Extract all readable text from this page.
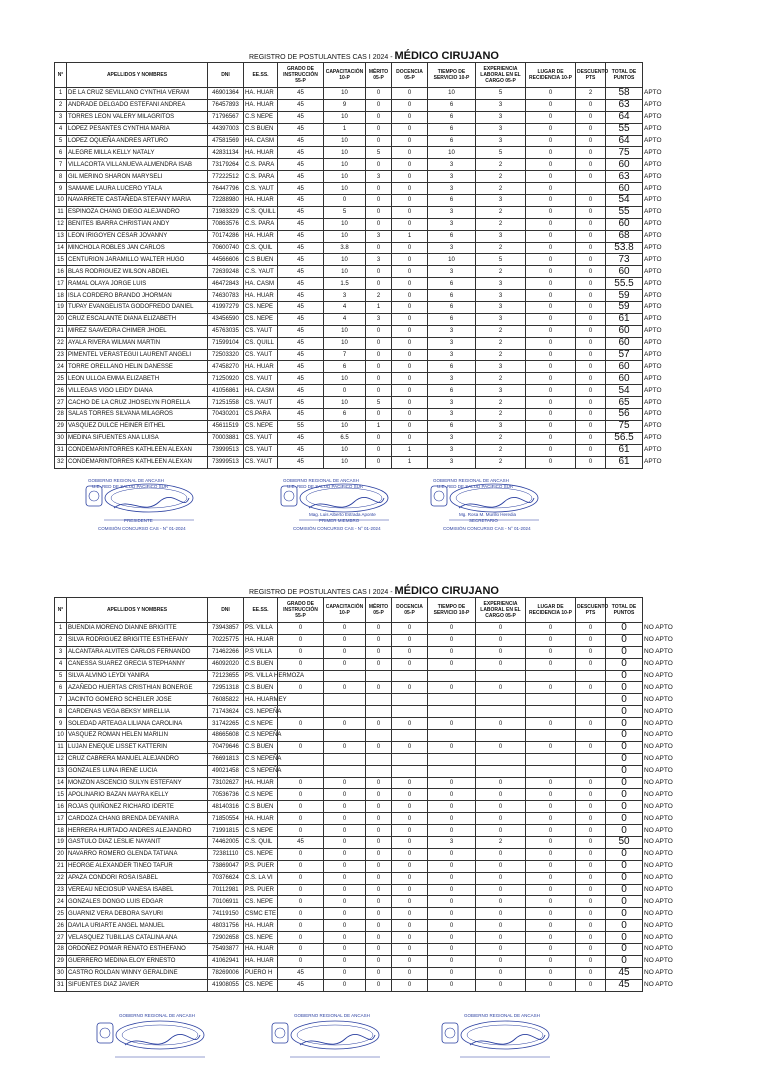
REGISTRO DE POSTULANTES CAS I 2024 - MÉDICO CIRUJANO
N°	APELLIDOS Y NOMBRES	DNI	EE.SS.	GRADO DE INSTRUCCIÓN 55-P	CAPACITACIÓN 10-P	MÉRITO 05-P	DOCENCIA 05-P	TIEMPO DE SERVICIO 10-P	EXPERIENCIA LABORAL EN EL CARGO 05-P	LUGAR DE RECIDENCIA 10-P	DESCUENTO PTS	TOTAL DE PUNTOS	
1	DE LA CRUZ SEVILLANO CYNTHIA VERAM	46901364	HA. HUAR	45	10	0	0	10	5	0	2	58	APTO
2	ANDRADE DELGADO ESTEFANI ANDREA	76457893	HA. HUAR	45	9	0	0	6	3	0	0	63	APTO
3	TORRES LEON VALERY MILAGRITOS	71796567	C.S NEPE	45	10	0	0	6	3	0	0	64	APTO
4	LOPEZ PESANTES CYNTHIA MARIA	44397003	C.S BUEN	45	1	0	0	6	3	0	0	55	APTO
5	LOPEZ OQUEÑA ANDRES ARTURO	47581569	HA. CASM	45	10	0	0	6	3	0	0	64	APTO
6	ALEGRE MILLA KELLY NATALY	42831134	HA. HUAR	45	10	5	0	10	5	0	0	75	APTO
7	VILLACORTA VILLANUEVA ALMENDRA ISAB	73179264	C.S. PARA	45	10	0	0	3	2	0	0	60	APTO
8	GIL MERINO SHARON MARYSELI	77222512	C.S. PARA	45	10	3	0	3	2	0	0	63	APTO
9	SAMAME LAURA LUCERO YTALA	76447796	C.S. YAUT	45	10	0	0	3	2	0		60	APTO
10	NAVARRETE CASTAÑEDA STEFANY MARIA	72288980	HA. HUAR	45	0	0	0	6	3	0	0	54	APTO
11	ESPINOZA CHANG DIEGO ALEJANDRO	71983329	C.S. QUILL	45	5	0	0	3	2	0	0	55	APTO
12	BENITES IBARRA CHRISTIAN ANDY	70863576	C.S. PARA	45	10	0	0	3	2	0	0	60	APTO
13	LEON IRIGOYEN CESAR JOVANNY	70174286	HA. HUAR	45	10	3	1	6	3	0	0	68	APTO
14	MINCHOLA ROBLES JAN CARLOS	70600740	C.S. QUIL	45	3.8	0	0	3	2	0	0	53.8	APTO
15	CENTURION JARAMILLO WALTER HUGO	44566606	C.S BUEN	45	10	3	0	10	5	0	0	73	APTO
16	BLAS RODRIGUEZ WILSON ABDIEL	72639248	C.S. YAUT	45	10	0	0	3	2	0	0	60	APTO
17	RAMAL OLAYA JORGE LUIS	46472843	HA. CASM	45	1.5	0	0	6	3	0	0	55.5	APTO
18	ISLA CORDERO BRANDO JHORMAN	74630783	HA. HUAR	45	3	2	0	6	3	0	0	59	APTO
19	TUPAY EVANGELISTA GODOFREDO DANIEL	41997279	CS. NEPE	45	4	1	0	6	3	0	0	59	APTO
20	CRUZ ESCALANTE DIANA ELIZABETH	43456590	CS. NEPE	45	4	3	0	6	3	0	0	61	APTO
21	MIREZ SAAVEDRA CHIMER JHOEL	45763035	CS. YAUT	45	10	0	0	3	2	0	0	60	APTO
22	AYALA RIVERA WILMAN MARTIN	71599104	CS. QUILL	45	10	0	0	3	2	0	0	60	APTO
23	PIMENTEL VERASTEGUI LAURENT ANGELI	72503320	CS. YAUT	45	7	0	0	3	2	0	0	57	APTO
24	TORRE ORELLANO HELIN DANESSE	47458270	HA. HUAR	45	6	0	0	6	3	0	0	60	APTO
25	LEON ULLOA EMMA ELIZABETH	71250920	CS. YAUT	45	10	0	0	3	2	0	0	60	APTO
26	VILLEGAS VIGO LEIDY DIANA	41056861	HA. CASM	45	0	0	0	6	3	0	0	54	APTO
27	CACHO DE LA CRUZ JHOSELYN FIORELLA	71251558	CS. YAUT	45	10	5	0	3	2	0	0	65	APTO
28	SALAS TORRES SILVANA MILAGROS	70430201	CS.PARA	45	6	0	0	3	2	0	0	56	APTO
29	VASQUEZ DULCE HEINER EITHEL	45611519	CS. NEPE	55	10	1	0	6	3	0	0	75	APTO
30	MEDINA SIFUENTES ANA LUISA	70003881	CS. YAUT	45	6.5	0	0	3	2	0	0	56.5	APTO
31	CONDEMARINTORRES KATHLEEN ALEXAN	73999513	CS. YAUT	45	10	0	1	3	2	0	0	61	APTO
32	CONDEMARINTORRES KATHLEEN ALEXAN	73999513	CS. YAUT	45	10	0	1	3	2	0	0	61	APTO
GOBIERNO REGIONAL DE ANCASH
U.E. RED DE SALUD PACÍFICO SUR
PRESIDENTE
COMISIÓN CONCURSO CAS - N° 01-2024
GOBIERNO REGIONAL DE ANCASH
U.E. RED DE SALUD PACÍFICO SUR
Mag. Luis Alberto Estrada Aponte
PRIMER MIEMBRO
COMISIÓN CONCURSO CAS - N° 01-2024
GOBIERNO REGIONAL DE ANCASH
U.E. RED DE SALUD PACÍFICO SUR
Mg. Rosa M. Murillo Heredia
SECRETARIO
COMISIÓN CONCURSO CAS - N° 01-2024
REGISTRO DE POSTULANTES CAS I 2024 - MÉDICO CIRUJANO
N°	APELLIDOS Y NOMBRES	DNI	EE.SS.	GRADO DE INSTRUCCIÓN 55-P	CAPACITACIÓN 10-P	MÉRITO 05-P	DOCENCIA 05-P	TIEMPO DE SERVICIO 10-P	EXPERIENCIA LABORAL EN EL CARGO 05-P	LUGAR DE RECIDENCIA 10-P	DESCUENTO PTS	TOTAL DE PUNTOS	
1	BUENDIA MORENO DIANNE BRIGITTE	73943857	PS. VILLA	0	0	0	0	0	0	0	0	0	NO APTO
2	SILVA RODRIGUEZ BRIGITTE ESTHEFANY	70225775	HA. HUAR	0	0	0	0	0	0	0	0	0	NO APTO
3	ALCANTARA ALVITES CARLOS FERNANDO	71462266	P.S VILLA	0	0	0	0	0	0	0	0	0	NO APTO
4	CANESSA SUAREZ GRECIA STEPHANNY	46092020	C.S BUEN	0	0	0	0	0	0	0	0	0	NO APTO
5	SILVA ALVINO LEYDI YANIRA	72123655	PS. VILLA HERMOZA									0	NO APTO
6	AZAÑEDO HUERTAS CRISTHIAN BONERGE	72951318	C.S BUEN	0	0	0	0	0	0	0	0	0	NO APTO
7	JACINTO GOMERO SCHEILER JOSE	76085822	HA. HUARMEY									0	NO APTO
8	CARDENAS VEGA BEKSY MIRELLIA	71743624	CS. NEPEÑA									0	NO APTO
9	SOLEDAD ARTEAGA LILIANA CAROLINA	31742265	C.S NEPE	0	0	0	0	0	0	0	0	0	NO APTO
10	VASQUEZ ROMAN HELEN MARILIN	48665608	C.S NEPEÑA									0	NO APTO
11	LUJAN ENEQUE LISSET KATTERIN	70479646	C.S BUEN	0	0	0	0	0	0	0	0	0	NO APTO
12	CRUZ CABRERA MANUEL ALEJANDRO	76691813	C.S NEPEÑA									0	NO APTO
13	GONZALES LUNA IRENE LUCIA	49021458	C.S NEPEÑA									0	NO APTO
14	MONZON ASCENCIO SULYN ESTEFANY	73102627	HA. HUAR	0	0	0	0	0	0	0	0	0	NO APTO
15	APOLINARIO BAZAN MAYRA KELLY	70536736	C.S NEPE	0	0	0	0	0	0	0	0	0	NO APTO
16	ROJAS QUIÑONEZ RICHARD IDERTE	48140316	C.S BUEN	0	0	0	0	0	0	0	0	0	NO APTO
17	CARDOZA CHANG BRENDA DEYANIRA	71850554	HA. HUAR	0	0	0	0	0	0	0	0	0	NO APTO
18	HERRERA HURTADO ANDRES ALEJANDRO	71991815	C.S NEPE	0	0	0	0	0	0	0	0	0	NO APTO
19	GASTULO DIAZ LESLIE NAYANIT	74462005	C.S. QUIL	45	0	0	0	3	2	0	0	50	NO APTO
20	NAVARRO ROMERO GLENDA TATIANA	72381110	CS. NEPE	0	0	0	0	0	0	0	0	0	NO APTO
21	HEORGE ALEXANDER TINEO TAFUR	73869047	P.S. PUER	0	0	0	0	0	0	0	0	0	NO APTO
22	APAZA CONDORI ROSA ISABEL	70376624	C.S. LA VI	0	0	0	0	0	0	0	0	0	NO APTO
23	VEREAU NECIOSUP VANESA ISABEL	70112981	P.S. PUER	0	0	0	0	0	0	0	0	0	NO APTO
24	GONZALES DONGO LUIS EDGAR	70106911	CS. NEPE	0	0	0	0	0	0	0	0	0	NO APTO
25	GUARNIZ VERA DEBORA SAYURI	74119150	CSMC ETE	0	0	0	0	0	0	0	0	0	NO APTO
26	DAVILA URIARTE ANGEL MANUEL	48031756	HA. HUAR	0	0	0	0	0	0	0	0	0	NO APTO
27	VELASQUEZ TUBILLAS CATALINA ANA	72902658	CS. NEPE	0	0	0	0	0	0	0	0	0	NO APTO
28	ORDOÑEZ POMAR RENATO ESTHEFANO	75493877	HA. HUAR	0	0	0	0	0	0	0	0	0	NO APTO
29	GUERRERO MEDINA ELOY ERNESTO	41062941	HA. HUAR	0	0	0	0	0	0	0	0	0	NO APTO
30	CASTRO ROLDAN WINNY GERALDINE	78269006	PUERO H	45	0	0	0	0	0	0	0	45	NO APTO
31	SIFUENTES DIAZ JAVIER	41908055	CS. NEPE	45	0	0	0	0	0	0	0	45	NO APTO
GOBIERNO REGIONAL DE ANCASH	GOBIERNO REGIONAL DE ANCASH	GOBIERNO REGIONAL DE ANCASH
